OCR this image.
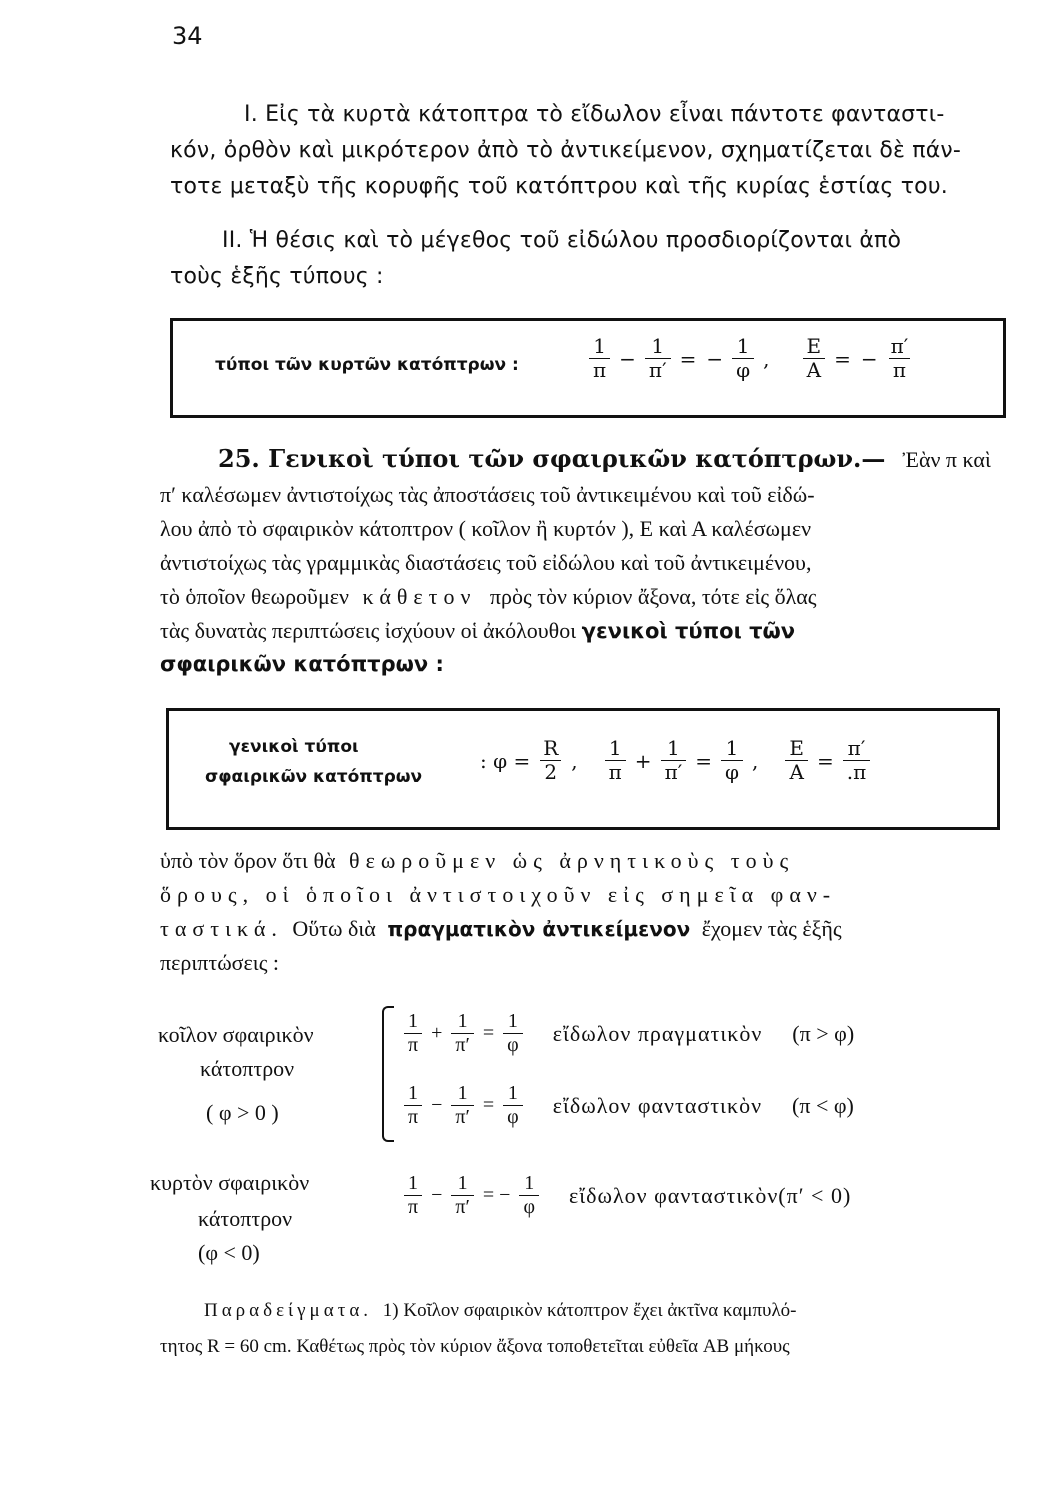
34
I. Εἰς τὰ κυρτὰ κάτοπτρα τὸ εἴδωλον εἶναι πάντοτε φανταστι-
κόν, ὀρθὸν καὶ μικρότερον ἀπὸ τὸ ἀντικείμενον, σχηματίζεται δὲ πάν-
τοτε μεταξὺ τῆς κορυφῆς τοῦ κατόπτρου καὶ τῆς κυρίας ἑστίας του.
II. Ἡ θέσις καὶ τὸ μέγεθος τοῦ εἰδώλου προσδιορίζονται ἀπὸ
τοὺς ἑξῆς τύπους :
τύποι τῶν κυρτῶν κατόπτρων :	$\frac{1}{\pi} - \frac{1}{\pi'}$ = − $\frac{1}{\varphi}$ , $\frac{E}{A}$ = − $\frac{\pi'}{\pi}$
25. Γενικοὶ τύποι τῶν σφαιρικῶν κατόπτρων.— Ἐὰν π καὶ
π′ καλέσωμεν ἀντιστοίχως τὰς ἀποστάσεις τοῦ ἀντικειμένου καὶ τοῦ εἰδώ-
λου ἀπὸ τὸ σφαιρικὸν κάτοπτρον ( κοῖλον ἢ κυρτόν ), Ε καὶ Α καλέσωμεν
ἀντιστοίχως τὰς γραμμικὰς διαστάσεις τοῦ εἰδώλου καὶ τοῦ ἀντικειμένου,
τὸ ὁποῖον θεωροῦμεν κάθετον πρὸς τὸν κύριον ἄξονα, τότε εἰς ὅλας
τὰς δυνατὰς περιπτώσεις ἰσχύουν οἱ ἀκόλουθοι γενικοὶ τύποι τῶν
σφαιρικῶν κατόπτρων :
γενικοὶ τύποι
σφαιρικῶν κατόπτρων
: $\varphi = \frac{R}{2}$ , $\frac{1}{\pi} + \frac{1}{\pi'} = \frac{1}{\varphi}$ , $\frac{E}{A} = \frac{\pi'}{.\pi}$
ὑπὸ τὸν ὅρον ὅτι θὰ θεωροῦμεν ὡς ἀρνητικοὺς τοὺς
ὅρους, οἱ ὁποῖοι ἀντιστοιχοῦν εἰς σημεῖα φαν-
ταστικά. Οὕτω διὰ πραγματικὸν ἀντικείμενον ἔχομεν τὰς ἑξῆς
περιπτώσεις :
κοῖλον σφαιρικὸν
κάτοπτρον
( φ > 0 )
$\frac{1}{\pi} + \frac{1}{\pi'} = \frac{1}{\varphi}$ εἴδωλον πραγματικὸν (π > φ)
$\frac{1}{\pi} - \frac{1}{\pi'} = \frac{1}{\varphi}$ εἴδωλον φανταστικὸν (π < φ)
κυρτὸν σφαιρικὸν
κάτοπτρον
(φ < 0)
$\frac{1}{\pi} - \frac{1}{\pi'}$ = − $\frac{1}{\varphi}$ εἴδωλον φανταστικὸν(π′ < 0)
Παραδείγματα. 1) Κοῖλον σφαιρικὸν κάτοπτρον ἔχει ἀκτῖνα καμπυλό-
τητος R = 60 cm. Καθέτως πρὸς τὸν κύριον ἄξονα τοποθετεῖται εὐθεῖα AB μήκους
